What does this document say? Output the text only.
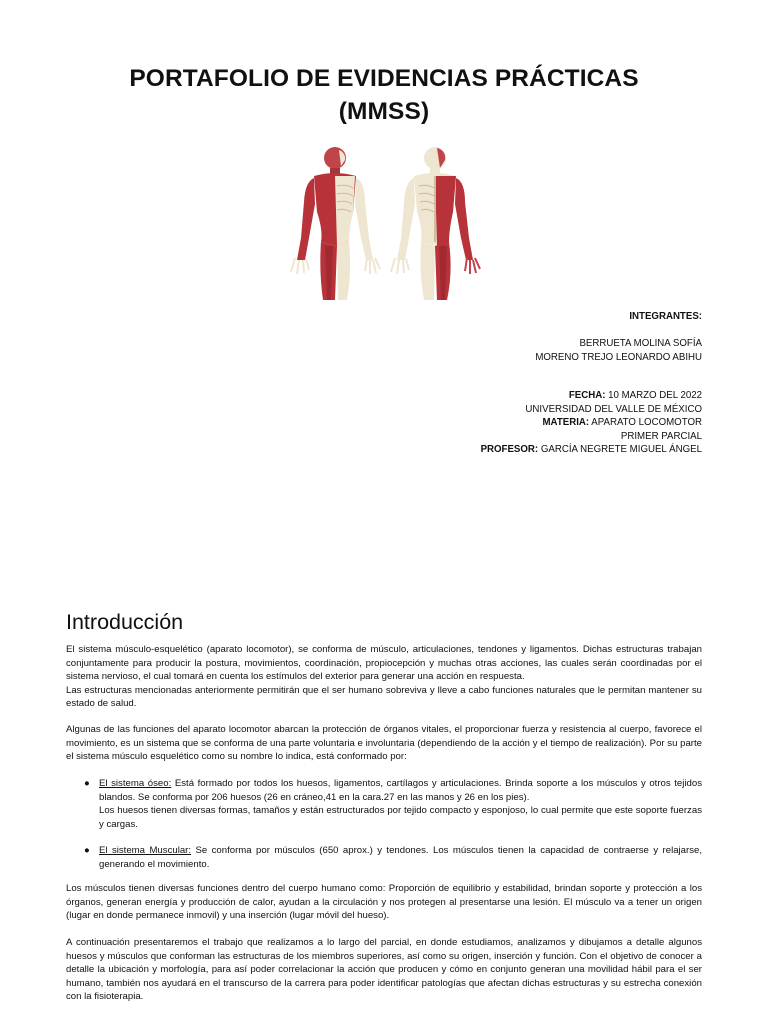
PORTAFOLIO DE EVIDENCIAS PRÁCTICAS
(MMSS)
INTEGRANTES:
BERRUETA MOLINA SOFÍA
MORENO TREJO LEONARDO ABIHU
FECHA: 10 MARZO DEL 2022
UNIVERSIDAD DEL VALLE DE MÉXICO
MATERIA: APARATO LOCOMOTOR
PRIMER PARCIAL
PROFESOR: GARCÍA NEGRETE MIGUEL ÁNGEL
Introducción
El sistema músculo-esquelético (aparato locomotor), se conforma de músculo, articulaciones, tendones y ligamentos. Dichas estructuras trabajan conjuntamente para producir la postura, movimientos, coordinación, propiocepción y muchas otras acciones, las cuales serán coordinadas por el sistema nervioso, el cual tomará en cuenta los estímulos del exterior para generar una acción en respuesta.
Las estructuras mencionadas anteriormente permitirán que el ser humano sobreviva y lleve a cabo funciones naturales que le permitan mantener su estado de salud.

Algunas de las funciones del aparato locomotor abarcan la protección de órganos vitales, el proporcionar fuerza y resistencia al cuerpo, favorece el movimiento, es un sistema que se conforma de una parte voluntaria e involuntaria (dependiendo de la acción y el tiempo de realización). Por su parte el sistema músculo esquelético como su nombre lo indica, está conformado por:

● El sistema óseo: Está formado por todos los huesos, ligamentos, cartílagos y articulaciones. Brinda soporte a los músculos y otros tejidos blandos. Se conforma por 206 huesos (26 en cráneo,41 en la cara.27 en las manos y 26 en los pies).
Los huesos tienen diversas formas, tamaños y están estructurados por tejido compacto y esponjoso, lo cual permite que este soporte fuerzas y cargas.
● El sistema Muscular: Se conforma por músculos (650 aprox.) y tendones. Los músculos tienen la capacidad de contraerse y relajarse, generando el movimiento.

Los músculos tienen diversas funciones dentro del cuerpo humano como: Proporción de equilibrio y estabilidad, brindan soporte y protección a los órganos, generan energía y producción de calor, ayudan a la circulación y nos protegen al presentarse una lesión. El músculo va a tener un origen (lugar en donde permanece inmovil) y una inserción (lugar móvil del hueso).

A continuación presentaremos el trabajo que realizamos a lo largo del parcial, en donde estudiamos, analizamos y dibujamos a detalle algunos huesos y músculos que conforman las estructuras de los miembros superiores, así como su origen, inserción y función. Con el objetivo de conocer a detalle la ubicación y morfología, para así poder correlacionar la acción que producen y cómo en conjunto generan una movilidad hábil para el ser humano, también nos ayudará en el transcurso de la carrera para poder identificar patologías que afectan dichas estructuras y su estrecha conexión con la fisioterapia.
